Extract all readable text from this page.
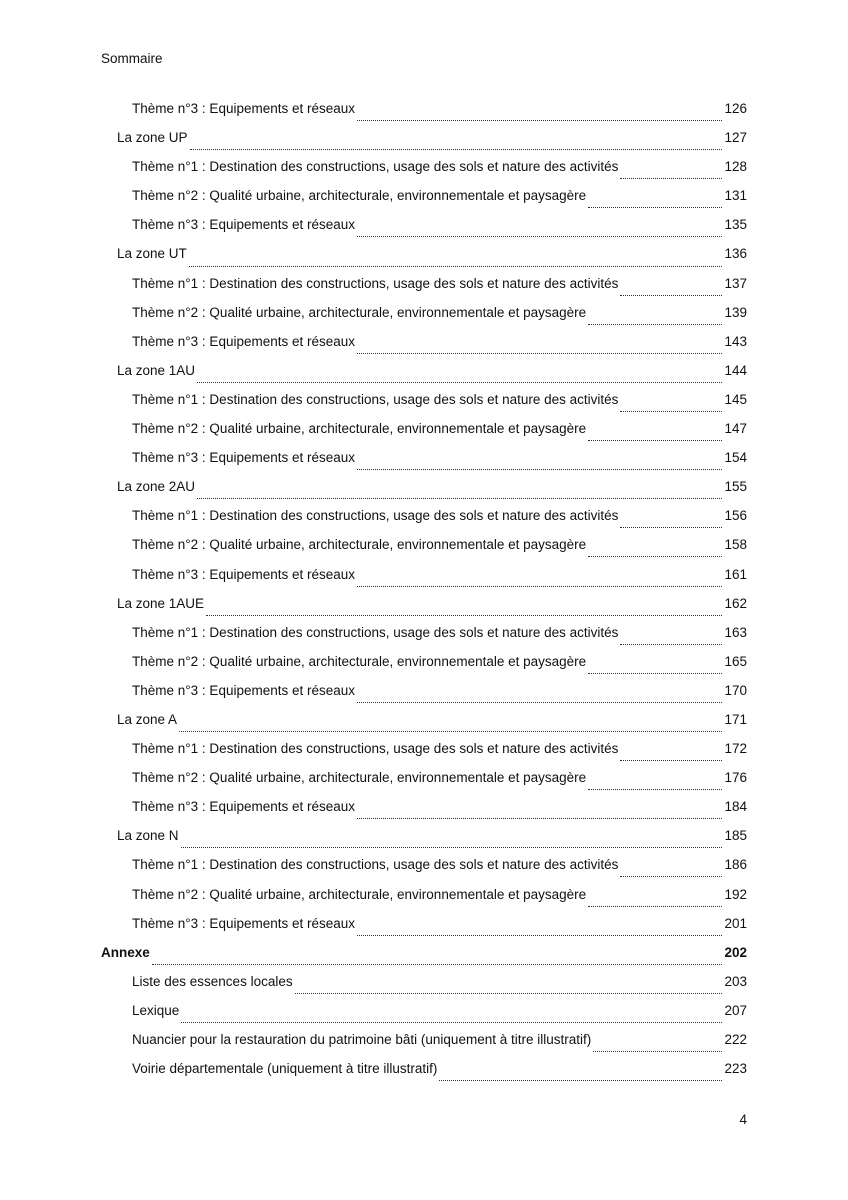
Sommaire
Thème n°3 : Equipements et réseaux	126
La zone UP	127
Thème n°1 : Destination des constructions, usage des sols et nature des activités	128
Thème n°2 : Qualité urbaine, architecturale, environnementale et paysagère	131
Thème n°3 : Equipements et réseaux	135
La zone UT	136
Thème n°1 : Destination des constructions, usage des sols et nature des activités	137
Thème n°2 : Qualité urbaine, architecturale, environnementale et paysagère	139
Thème n°3 : Equipements et réseaux	143
La zone 1AU	144
Thème n°1 : Destination des constructions, usage des sols et nature des activités	145
Thème n°2 : Qualité urbaine, architecturale, environnementale et paysagère	147
Thème n°3 : Equipements et réseaux	154
La zone 2AU	155
Thème n°1 : Destination des constructions, usage des sols et nature des activités	156
Thème n°2 : Qualité urbaine, architecturale, environnementale et paysagère	158
Thème n°3 : Equipements et réseaux	161
La zone 1AUE	162
Thème n°1 : Destination des constructions, usage des sols et nature des activités	163
Thème n°2 : Qualité urbaine, architecturale, environnementale et paysagère	165
Thème n°3 : Equipements et réseaux	170
La zone A	171
Thème n°1 : Destination des constructions, usage des sols et nature des activités	172
Thème n°2 : Qualité urbaine, architecturale, environnementale et paysagère	176
Thème n°3 : Equipements et réseaux	184
La zone N	185
Thème n°1 : Destination des constructions, usage des sols et nature des activités	186
Thème n°2 : Qualité urbaine, architecturale, environnementale et paysagère	192
Thème n°3 : Equipements et réseaux	201
Annexe	202
Liste des essences locales	203
Lexique	207
Nuancier pour la restauration du patrimoine bâti (uniquement à titre illustratif)	222
Voirie départementale (uniquement à titre illustratif)	223
4
